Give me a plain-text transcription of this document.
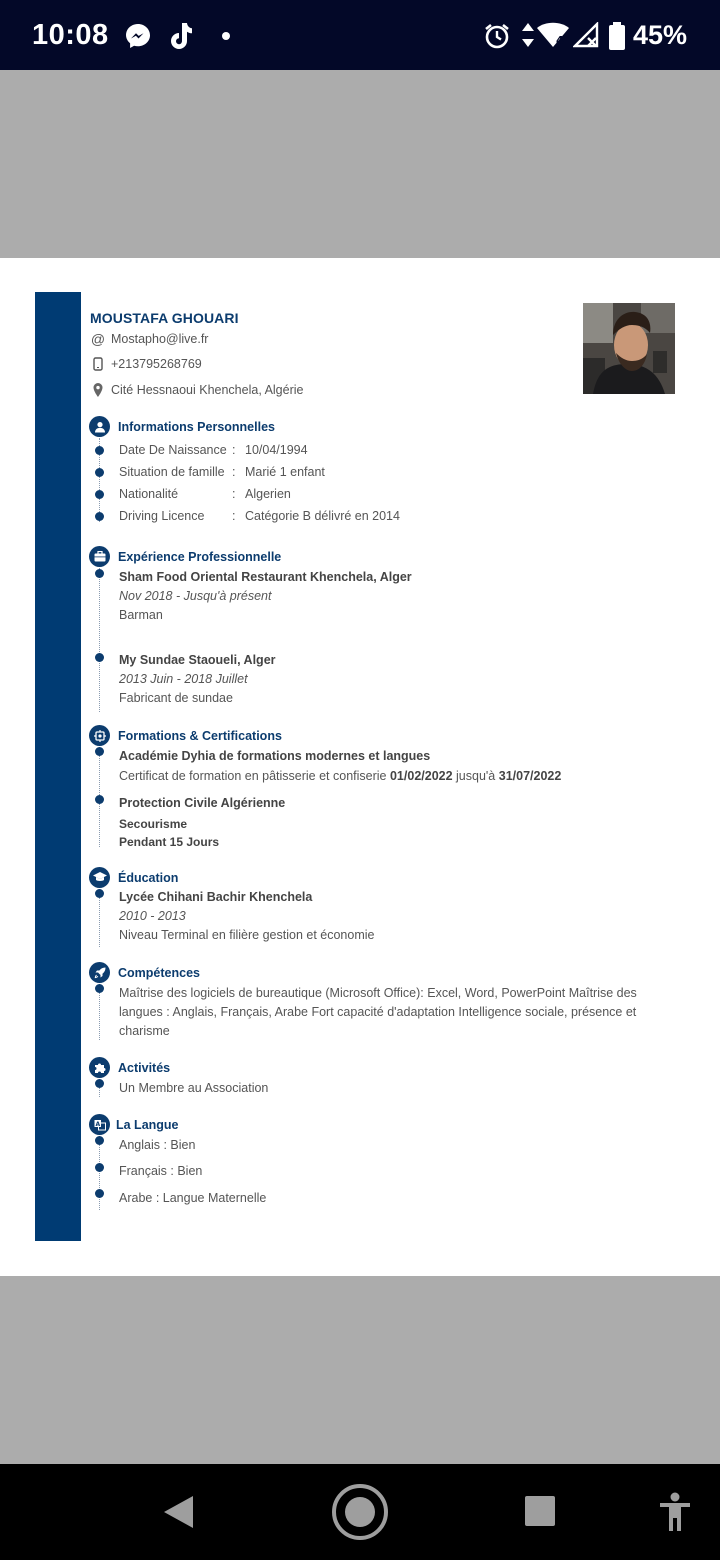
10:08	4	45%
MOUSTAFA GHOUARI
@ Mostapho@live.fr
+213795268769
Cité Hessnaoui Khenchela, Algérie
Informations Personnelles
Date De Naissance : 10/04/1994
Situation de famille : Marié 1 enfant
Nationalité	: Algerien
Driving Licence : Catégorie B délivré en 2014
Expérience Professionnelle
Sham Food Oriental Restaurant Khenchela, Alger
Nov 2018 - Jusqu'à présent
Barman
My Sundae Staoueli, Alger
2013 Juin - 2018 Juillet
Fabricant de sundae
Formations & Certifications
Académie Dyhia de formations modernes et langues
Certificat de formation en pâtisserie et confiserie 01/02/2022 jusqu'à 31/07/2022
Protection Civile Algérienne
Secourisme
Pendant 15 Jours
Éducation
Lycée Chihani Bachir Khenchela
2010 - 2013
Niveau Terminal en filière gestion et économie
Compétences
Maîtrise des logiciels de bureautique (Microsoft Office): Excel, Word, PowerPoint Maîtrise des langues : Anglais, Français, Arabe Fort capacité d'adaptation Intelligence sociale, présence et charisme
Activités
Un Membre au Association
A La Langue
Anglais : Bien
Français : Bien
Arabe : Langue Maternelle
